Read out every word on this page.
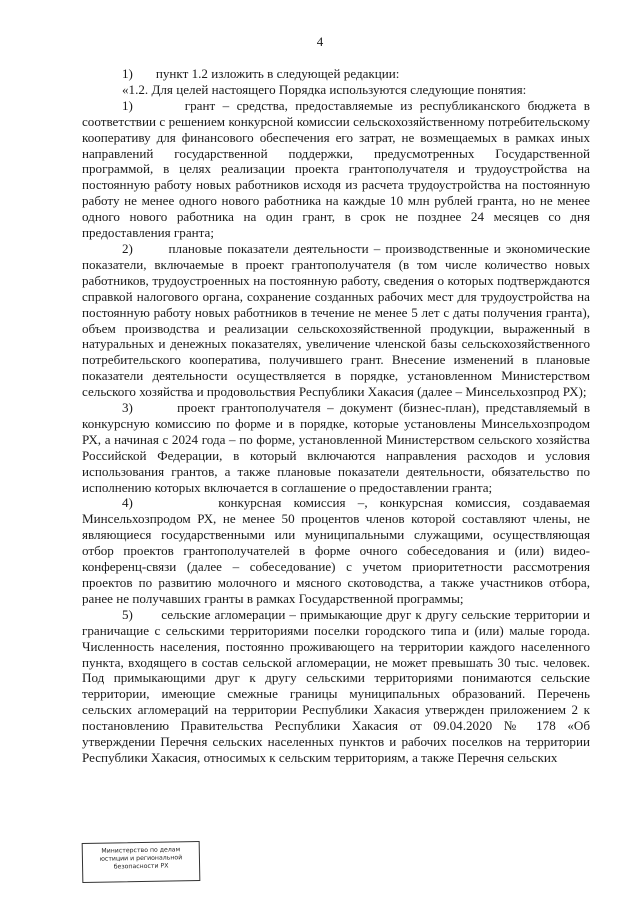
4

1)       пункт 1.2 изложить в следующей редакции:

«1.2. Для целей настоящего Порядка используются следующие понятия:

1)       грант – средства, предоставляемые из республиканского бюджета в соответствии с решением конкурсной комиссии сельскохозяйственному потребительскому кооперативу для финансового обеспечения его затрат, не возмещаемых в рамках иных направлений государственной поддержки, предусмотренных Государственной программой, в целях реализации проекта грантополучателя и трудоустройства на постоянную работу новых работников исходя из расчета трудоустройства на постоянную работу не менее одного нового работника на каждые 10 млн рублей гранта, но не менее одного нового работника на один грант, в срок не позднее 24 месяцев со дня предоставления гранта;

2)       плановые показатели деятельности – производственные и экономические показатели, включаемые в проект грантополучателя (в том числе количество новых работников, трудоустроенных на постоянную работу, сведения о которых подтверждаются справкой налогового органа, сохранение созданных рабочих мест для трудоустройства на постоянную работу новых работников в течение не менее 5 лет с даты получения гранта), объем производства и реализации сельскохозяйственной продукции, выраженный в натуральных и денежных показателях, увеличение членской базы сельскохозяйственного потребительского кооператива, получившего грант. Внесение изменений в плановые показатели деятельности осуществляется в порядке, установленном Министерством сельского хозяйства и продовольствия Республики Хакасия (далее – Минсельхозпрод РХ);

3)       проект грантополучателя – документ (бизнес-план), представляемый в конкурсную комиссию по форме и в порядке, которые установлены Минсельхозпродом РХ, а начиная с 2024 года – по форме, установленной Министерством сельского хозяйства Российской Федерации, в который включаются направления расходов и условия использования грантов, а также плановые показатели деятельности, обязательство по исполнению которых включается в соглашение о предоставлении гранта;

4)       конкурсная комиссия –, конкурсная комиссия, создаваемая Минсельхозпродом РХ, не менее 50 процентов членов которой составляют члены, не являющиеся государственными или муниципальными служащими, осуществляющая отбор проектов грантополучателей в форме очного собеседования и (или) видео-конференц-связи (далее – собеседование) с учетом приоритетности рассмотрения проектов по развитию молочного и мясного скотоводства, а также участников отбора, ранее не получавших гранты в рамках Государственной программы;

5)       сельские агломерации – примыкающие друг к другу сельские территории и граничащие с сельскими территориями поселки городского типа и (или) малые города. Численность населения, постоянно проживающего на территории каждого населенного пункта, входящего в состав сельской агломерации, не может превышать 30 тыс. человек. Под примыкающими друг к другу сельскими территориями понимаются сельские территории, имеющие смежные границы муниципальных образований. Перечень сельских агломераций на территории Республики Хакасия утвержден приложением 2 к постановлению Правительства Республики Хакасия от 09.04.2020 № 178 «Об утверждении Перечня сельских населенных пунктов и рабочих поселков на территории Республики Хакасия, относимых к сельским территориям, а также Перечня сельских

Министерство по делам
юстиции и региональной
безопасности РХ
